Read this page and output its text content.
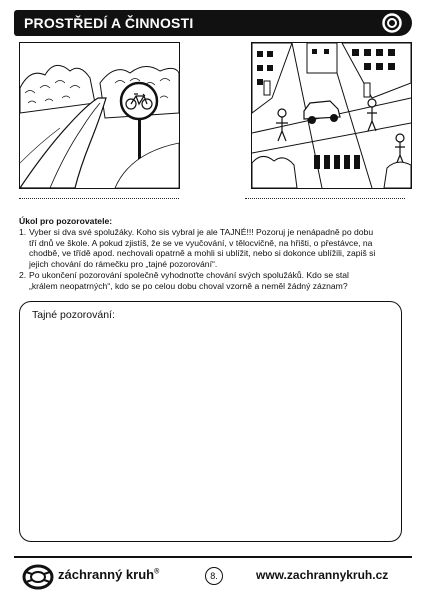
PROSTŘEDÍ A ČINNOSTI
Úkol pro pozorovatele:
1. Vyber si dva své spolužáky. Koho sis vybral je ale TAJNÉ!!! Pozoruj je nenápadně po dobu
tří dnů ve škole. A pokud zjistíš, že se ve vyučování, v tělocvičně, na hřišti, o přestávce, na
chodbě, ve třídě apod. nechovali opatrně a mohli si ublížit, nebo si dokonce ublížili, zapiš si
jejich chování do rámečku pro „tajné pozorování“.
2. Po ukončení pozorování společně vyhodnoťte chování svých spolužáků. Kdo se stal
„králem neopatrných“, kdo se po celou dobu choval vzorně a neměl žádný záznam?
Tajné pozorování:
záchranný kruh®	8.	www.zachrannykruh.cz
